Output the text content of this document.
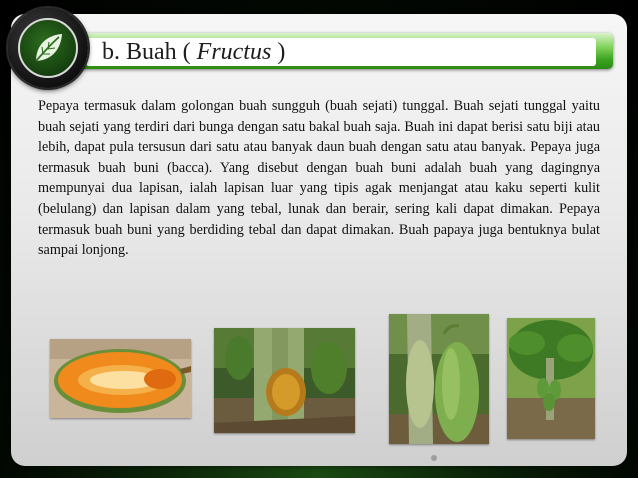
b. Buah ( Fructus )
Pepaya termasuk dalam golongan buah sungguh (buah sejati) tunggal. Buah sejati tunggal yaitu buah sejati yang terdiri dari bunga dengan satu bakal buah saja. Buah ini dapat berisi satu biji atau lebih, dapat pula tersusun dari satu atau banyak daun buah dengan satu atau banyak. Pepaya juga termasuk buah buni (bacca). Yang disebut dengan buah buni adalah buah yang dagingnya mempunyai dua lapisan, ialah lapisan luar yang tipis agak menjangat atau kaku seperti kulit (belulang) dan lapisan dalam yang tebal, lunak dan berair, sering kali dapat dimakan. Pepaya termasuk buah buni yang berdiding tebal dan dapat dimakan. Buah papaya juga bentuknya bulat sampai lonjong.
